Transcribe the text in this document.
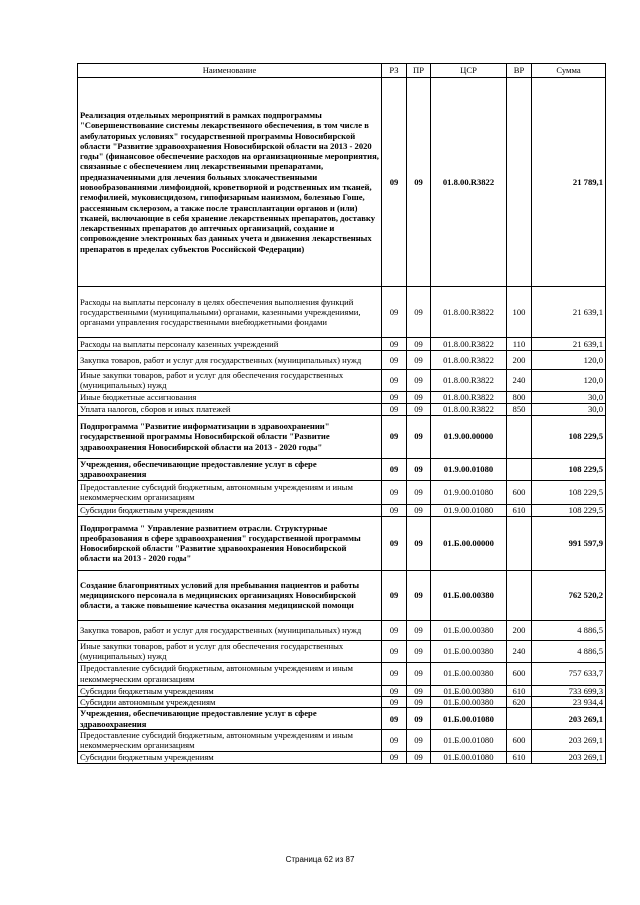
Наименование	РЗ	ПР	ЦСР	ВР	Сумма
Реализация отдельных мероприятий в рамках подпрограммы "Совершенствование системы лекарственного обеспечения, в том числе в амбулаторных условиях" государственной программы Новосибирской области "Развитие здравоохранения Новосибирской области на 2013 - 2020 годы" (финансовое обеспечение расходов на организационные мероприятия, связанные с обеспечением лиц лекарственными препаратами, предназначенными для лечения больных злокачественными новообразованиями лимфоидной, кроветворной и родственных им тканей, гемофилией, муковисцидозом, гипофизарным нанизмом, болезнью Гоше, рассеянным склерозом, а также после трансплантации органов и (или) тканей, включающие в себя хранение лекарственных препаратов, доставку лекарственных препаратов до аптечных организаций, создание и сопровождение электронных баз данных учета и движения лекарственных препаратов в пределах субъектов Российской Федерации)	09	09	01.8.00.R3822		21 789,1
Расходы на выплаты персоналу в целях обеспечения выполнения функций государственными (муниципальными) органами, казенными учреждениями, органами управления государственными внебюджетными фондами	09	09	01.8.00.R3822	100	21 639,1
Расходы на выплаты персоналу казенных учреждений	09	09	01.8.00.R3822	110	21 639,1
Закупка товаров, работ и услуг для государственных (муниципальных) нужд	09	09	01.8.00.R3822	200	120,0
Иные закупки товаров, работ и услуг для обеспечения государственных (муниципальных) нужд	09	09	01.8.00.R3822	240	120,0
Иные бюджетные ассигнования	09	09	01.8.00.R3822	800	30,0
Уплата налогов, сборов и иных платежей	09	09	01.8.00.R3822	850	30,0
Подпрограмма "Развитие информатизации в здравоохранении" государственной программы Новосибирской области "Развитие здравоохранения Новосибирской области на 2013 - 2020 годы"	09	09	01.9.00.00000		108 229,5
Учреждения, обеспечивающие предоставление услуг в сфере здравоохранения	09	09	01.9.00.01080		108 229,5
Предоставление субсидий бюджетным, автономным учреждениям и иным некоммерческим организациям	09	09	01.9.00.01080	600	108 229,5
Субсидии бюджетным учреждениям	09	09	01.9.00.01080	610	108 229,5
Подпрограмма " Управление развитием отрасли. Структурные преобразования в сфере здравоохранения" государственной программы Новосибирской области "Развитие здравоохранения Новосибирской области на 2013 - 2020 годы"	09	09	01.Б.00.00000		991 597,9
Создание благоприятных условий для пребывания пациентов и работы медицинского персонала в медицинских организациях Новосибирской области, а также повышение качества оказания медицинской помощи	09	09	01.Б.00.00380		762 520,2
Закупка товаров, работ и услуг для государственных (муниципальных) нужд	09	09	01.Б.00.00380	200	4 886,5
Иные закупки товаров, работ и услуг для обеспечения государственных (муниципальных) нужд	09	09	01.Б.00.00380	240	4 886,5
Предоставление субсидий бюджетным, автономным учреждениям и иным некоммерческим организациям	09	09	01.Б.00.00380	600	757 633,7
Субсидии бюджетным учреждениям	09	09	01.Б.00.00380	610	733 699,3
Субсидии автономным учреждениям	09	09	01.Б.00.00380	620	23 934,4
Учреждения, обеспечивающие предоставление услуг в сфере здравоохранения	09	09	01.Б.00.01080		203 269,1
Предоставление субсидий бюджетным, автономным учреждениям и иным некоммерческим организациям	09	09	01.Б.00.01080	600	203 269,1
Субсидии бюджетным учреждениям	09	09	01.Б.00.01080	610	203 269,1
Страница 62 из 87
